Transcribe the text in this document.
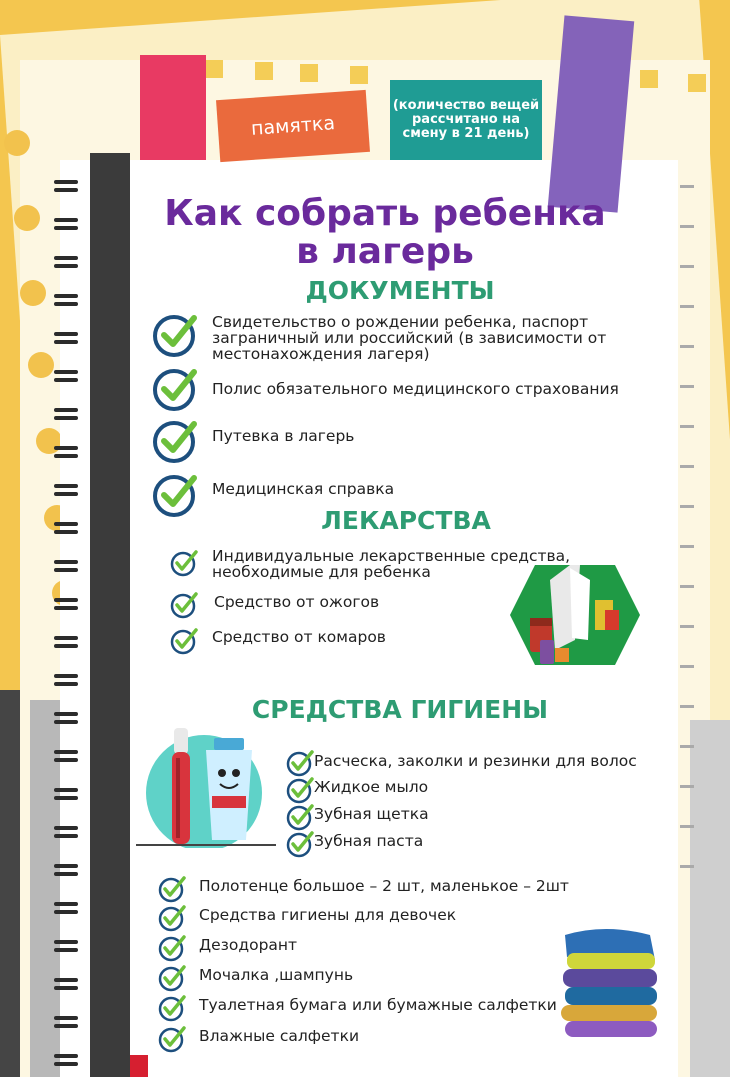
памятка
(количество вещей рассчитано на смену в 21 день)
Как собрать ребенка в лагерь
ДОКУМЕНТЫ
Свидетельство о рождении ребенка, паспорт заграничный или российский (в зависимости от местонахождения лагеря)
Полис обязательного медицинского страхования
Путевка в лагерь
Медицинская справка
ЛЕКАРСТВА
Индивидуальные лекарственные средства, необходимые для ребенка
Средство от ожогов
Средство от комаров
СРЕДСТВА ГИГИЕНЫ
Расческа, заколки и резинки для волос
Жидкое мыло
Зубная щетка
Зубная паста
Полотенце большое – 2 шт, маленькое – 2шт
Средства гигиены для девочек
Дезодорант
Мочалка ,шампунь
Туалетная бумага или бумажные салфетки
Влажные салфетки
